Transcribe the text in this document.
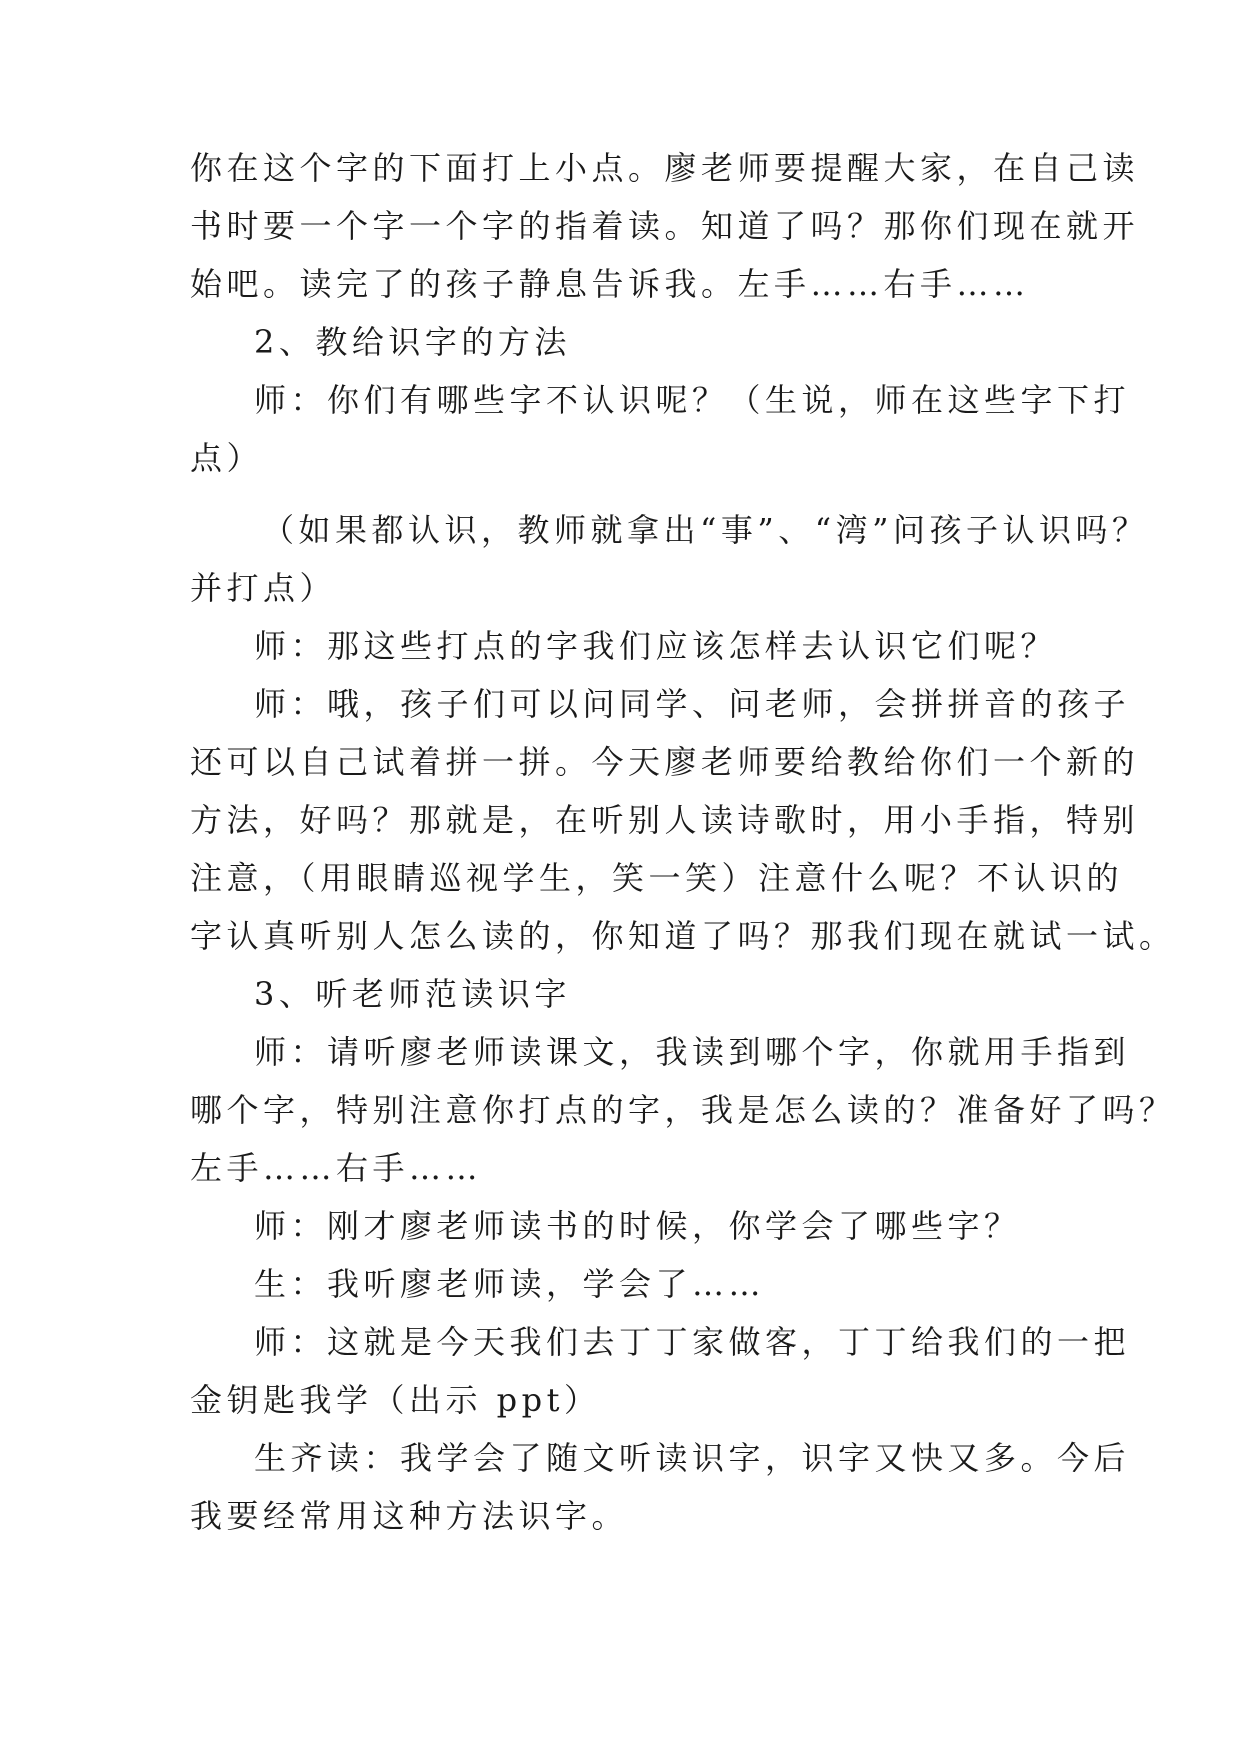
你在这个字的下面打上小点。廖老师要提醒大家，在自己读

书时要一个字一个字的指着读。知道了吗？那你们现在就开

始吧。读完了的孩子静息告诉我。左手……右手……

2、教给识字的方法

师：你们有哪些字不认识呢？（生说，师在这些字下打

点）

（如果都认识，教师就拿出“事”、“湾”问孩子认识吗？

并打点）

师：那这些打点的字我们应该怎样去认识它们呢？

师：哦，孩子们可以问同学、问老师，会拼拼音的孩子

还可以自己试着拼一拼。今天廖老师要给教给你们一个新的

方法，好吗？那就是，在听别人读诗歌时，用小手指，特别

注意，（用眼睛巡视学生，笑一笑）注意什么呢？不认识的

字认真听别人怎么读的，你知道了吗？那我们现在就试一试。

3、听老师范读识字

师：请听廖老师读课文，我读到哪个字，你就用手指到

哪个字，特别注意你打点的字，我是怎么读的？准备好了吗？

左手……右手……

师：刚才廖老师读书的时候，你学会了哪些字？

生：我听廖老师读，学会了……

师：这就是今天我们去丁丁家做客，丁丁给我们的一把

金钥匙我学（出示 ppt）

生齐读：我学会了随文听读识字，识字又快又多。今后

我要经常用这种方法识字。
